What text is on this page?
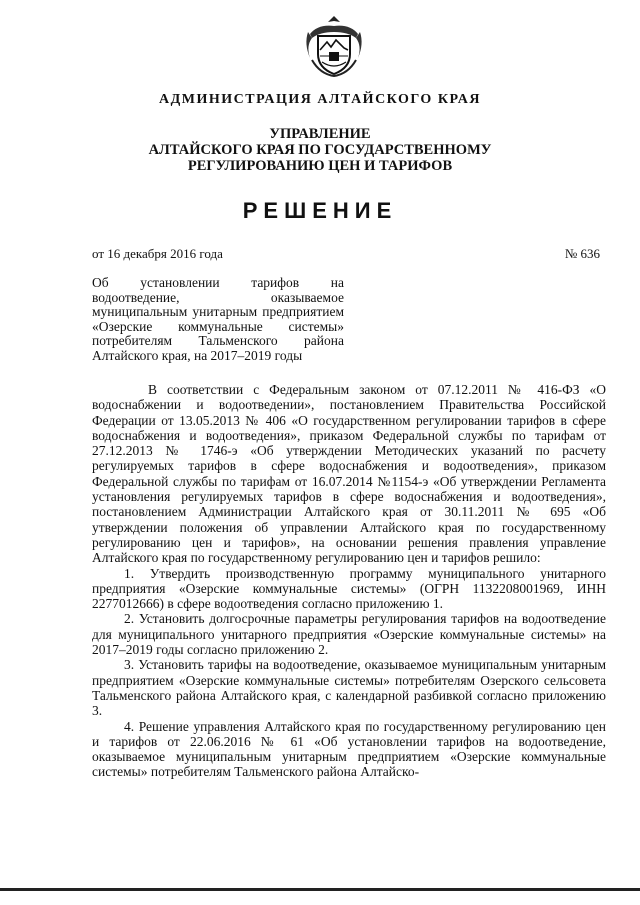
АДМИНИСТРАЦИЯ АЛТАЙСКОГО КРАЯ
УПРАВЛЕНИЕ
АЛТАЙСКОГО КРАЯ ПО ГОСУДАРСТВЕННОМУ
РЕГУЛИРОВАНИЮ ЦЕН И ТАРИФОВ
РЕШЕНИЕ
от 16 декабря 2016 года	№ 636
Об установлении тарифов на водоотведение, оказываемое муниципальным унитарным предприятием «Озерские коммунальные системы» потребителям Тальменского района Алтайского края, на 2017–2019 годы

В соответствии с Федеральным законом от 07.12.2011 № 416-ФЗ «О водоснабжении и водоотведении», постановлением Правительства Российской Федерации от 13.05.2013 № 406 «О государственном регулировании тарифов в сфере водоснабжения и водоотведения», приказом Федеральной службы по тарифам от 27.12.2013 № 1746-э «Об утверждении Методических указаний по расчету регулируемых тарифов в сфере водоснабжения и водоотведения», приказом Федеральной службы по тарифам от 16.07.2014 №1154-э «Об утверждении Регламента установления регулируемых тарифов в сфере водоснабжения и водоотведения», постановлением Администрации Алтайского края от 30.11.2011 № 695 «Об утверждении положения об управлении Алтайского края по государственному регулированию цен и тарифов», на основании решения правления управление Алтайского края по государственному регулированию цен и тарифов решило:

1. Утвердить производственную программу муниципального унитарного предприятия «Озерские коммунальные системы» (ОГРН 1132208001969, ИНН 2277012666) в сфере водоотведения согласно приложению 1.

2. Установить долгосрочные параметры регулирования тарифов на водоотведение для муниципального унитарного предприятия «Озерские коммунальные системы» на 2017–2019 годы согласно приложению 2.

3. Установить тарифы на водоотведение, оказываемое муниципальным унитарным предприятием «Озерские коммунальные системы» потребителям Озерского сельсовета Тальменского района Алтайского края, с календарной разбивкой согласно приложению 3.

4. Решение управления Алтайского края по государственному регулированию цен и тарифов от 22.06.2016 № 61 «Об установлении тарифов на водоотведение, оказываемое муниципальным унитарным предприятием «Озерские коммунальные системы» потребителям Тальменского района Алтайско-
